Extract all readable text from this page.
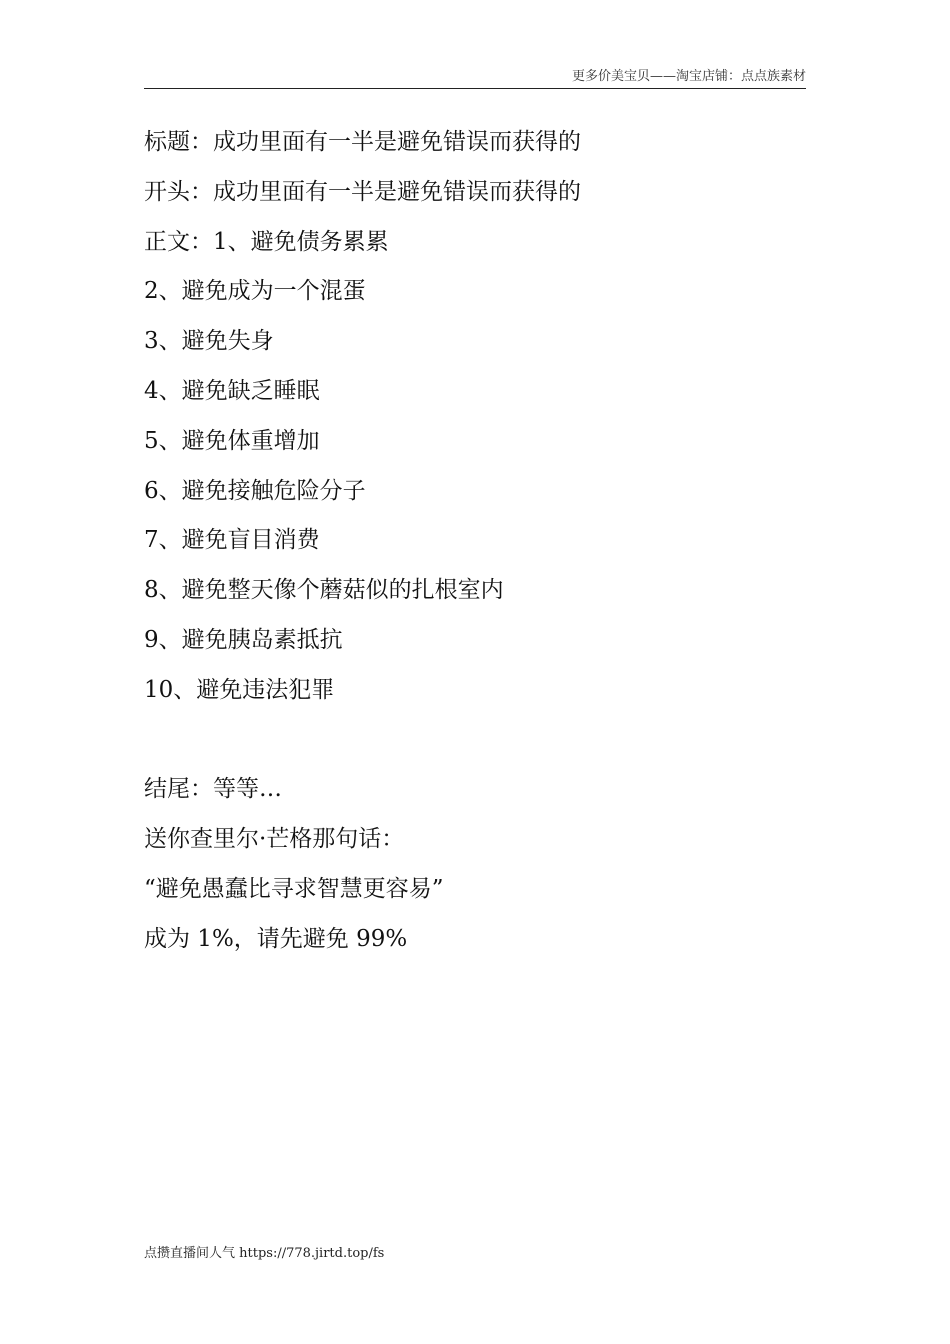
更多价美宝贝——淘宝店铺：点点族素材
标题：成功里面有一半是避免错误而获得的
开头：成功里面有一半是避免错误而获得的
正文：1、避免债务累累
2、避免成为一个混蛋
3、避免失身
4、避免缺乏睡眠
5、避免体重增加
6、避免接触危险分子
7、避免盲目消费
8、避免整天像个蘑菇似的扎根室内
9、避免胰岛素抵抗
10、避免违法犯罪
结尾：等等…
送你查里尔·芒格那句话：
“避免愚蠢比寻求智慧更容易”
成为 1%，请先避免 99%
点攒直播间人气 https://778.jirtd.top/fs
